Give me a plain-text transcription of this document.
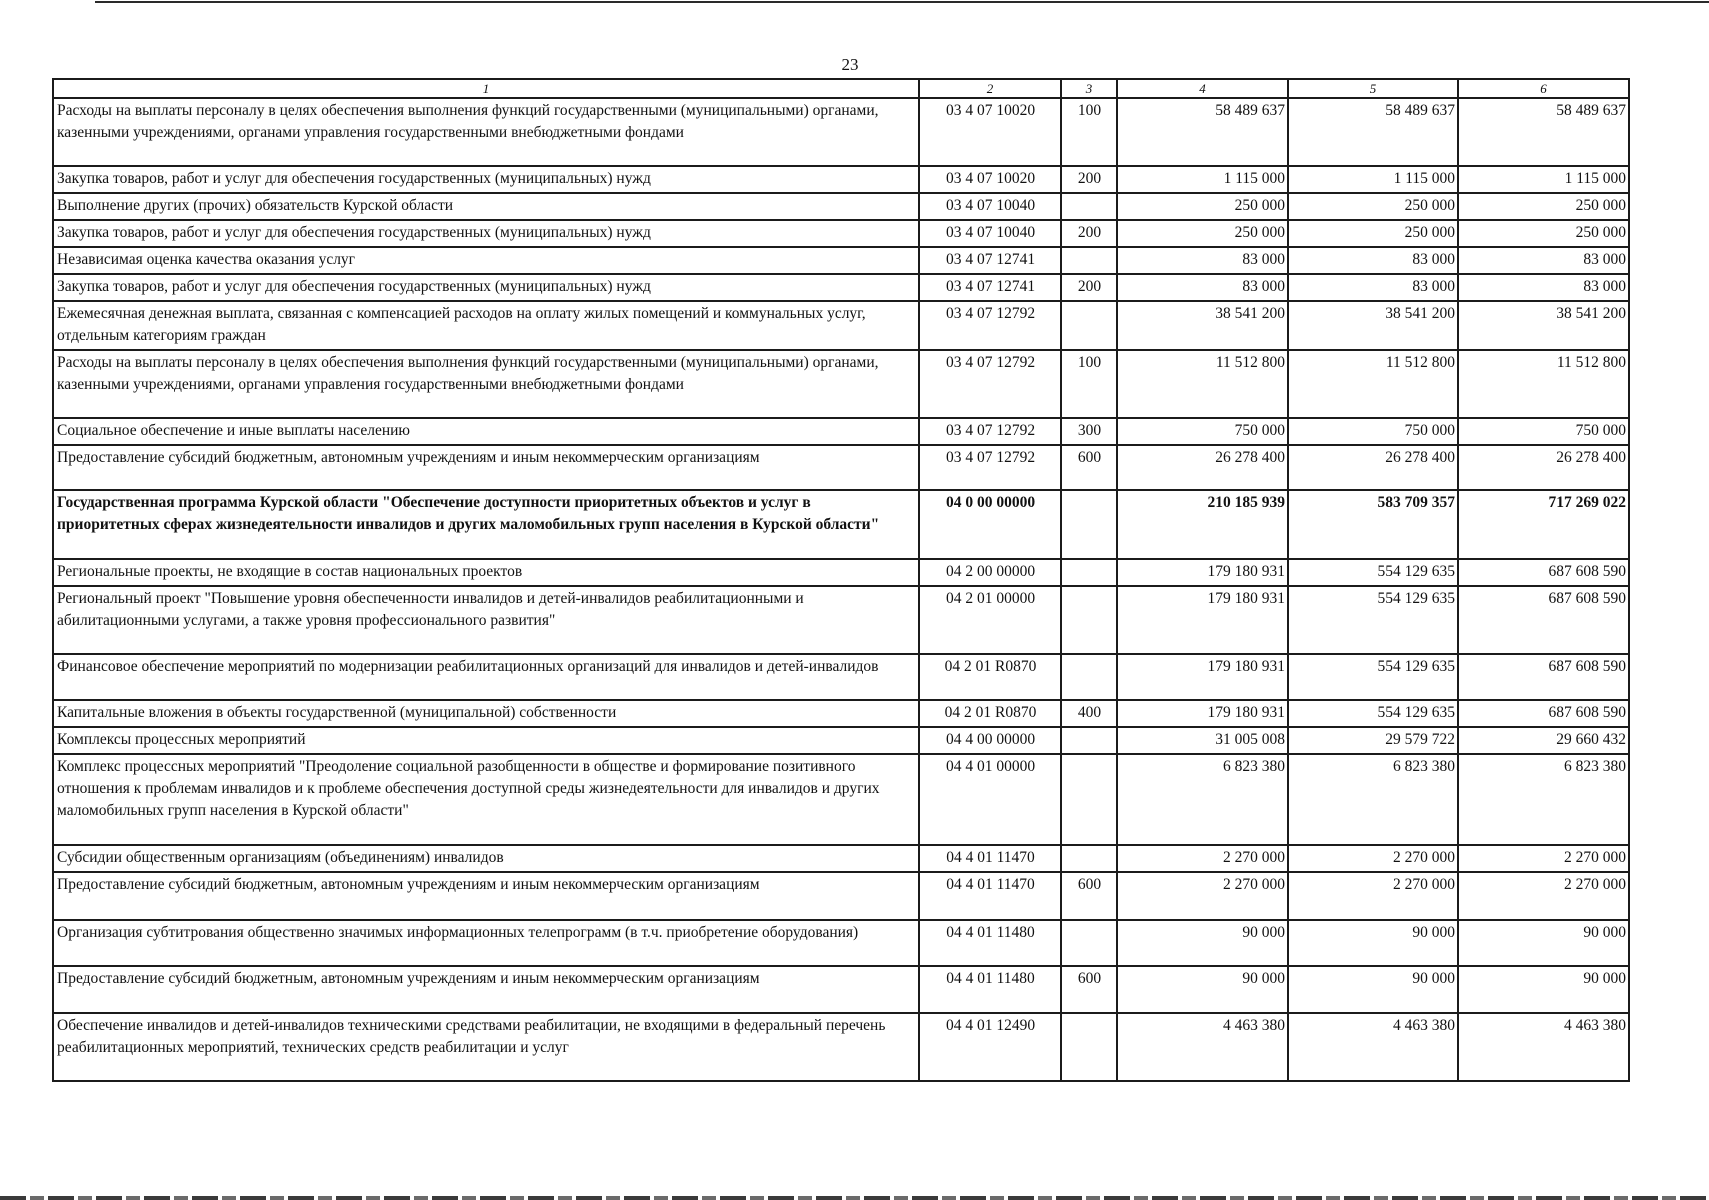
23
1	2	3	4	5	6
Расходы на выплаты персоналу в целях обеспечения выполнения функций государственными (муниципальными) органами, казенными учреждениями, органами управления государственными внебюджетными фондами	03 4 07 10020	100	58 489 637	58 489 637	58 489 637
Закупка товаров, работ и услуг для обеспечения государственных (муниципальных) нужд	03 4 07 10020	200	1 115 000	1 115 000	1 115 000
Выполнение других (прочих) обязательств Курской области	03 4 07 10040		250 000	250 000	250 000
Закупка товаров, работ и услуг для обеспечения государственных (муниципальных) нужд	03 4 07 10040	200	250 000	250 000	250 000
Независимая оценка качества оказания услуг	03 4 07 12741		83 000	83 000	83 000
Закупка товаров, работ и услуг для обеспечения государственных (муниципальных) нужд	03 4 07 12741	200	83 000	83 000	83 000
Ежемесячная денежная выплата, связанная с компенсацией расходов на оплату жилых помещений и коммунальных услуг, отдельным категориям граждан	03 4 07 12792		38 541 200	38 541 200	38 541 200
Расходы на выплаты персоналу в целях обеспечения выполнения функций государственными (муниципальными) органами, казенными учреждениями, органами управления государственными внебюджетными фондами	03 4 07 12792	100	11 512 800	11 512 800	11 512 800
Социальное обеспечение и иные выплаты населению	03 4 07 12792	300	750 000	750 000	750 000
Предоставление субсидий бюджетным, автономным учреждениям и иным некоммерческим организациям	03 4 07 12792	600	26 278 400	26 278 400	26 278 400
Государственная программа Курской области "Обеспечение доступности приоритетных объектов и услуг в приоритетных сферах жизнедеятельности инвалидов и других маломобильных групп населения в Курской области"	04 0 00 00000		210 185 939	583 709 357	717 269 022
Региональные проекты, не входящие в состав национальных проектов	04 2 00 00000		179 180 931	554 129 635	687 608 590
Региональный проект "Повышение уровня обеспеченности инвалидов и детей-инвалидов реабилитационными и абилитационными услугами, а также уровня профессионального развития"	04 2 01 00000		179 180 931	554 129 635	687 608 590
Финансовое обеспечение мероприятий по модернизации реабилитационных организаций для инвалидов и детей-инвалидов	04 2 01 R0870		179 180 931	554 129 635	687 608 590
Капитальные вложения в объекты государственной (муниципальной) собственности	04 2 01 R0870	400	179 180 931	554 129 635	687 608 590
Комплексы процессных мероприятий	04 4 00 00000		31 005 008	29 579 722	29 660 432
Комплекс процессных мероприятий "Преодоление социальной разобщенности в обществе и формирование позитивного отношения к проблемам инвалидов и к проблеме обеспечения доступной среды жизнедеятельности для инвалидов и других маломобильных групп населения в Курской области"	04 4 01 00000		6 823 380	6 823 380	6 823 380
Субсидии общественным организациям (объединениям) инвалидов	04 4 01 11470		2 270 000	2 270 000	2 270 000
Предоставление субсидий бюджетным, автономным учреждениям и иным некоммерческим организациям	04 4 01 11470	600	2 270 000	2 270 000	2 270 000
Организация субтитрования общественно значимых информационных телепрограмм (в т.ч. приобретение оборудования)	04 4 01 11480		90 000	90 000	90 000
Предоставление субсидий бюджетным, автономным учреждениям и иным некоммерческим организациям	04 4 01 11480	600	90 000	90 000	90 000
Обеспечение инвалидов и детей-инвалидов техническими средствами реабилитации, не входящими в федеральный перечень реабилитационных мероприятий, технических средств реабилитации и услуг	04 4 01 12490		4 463 380	4 463 380	4 463 380
